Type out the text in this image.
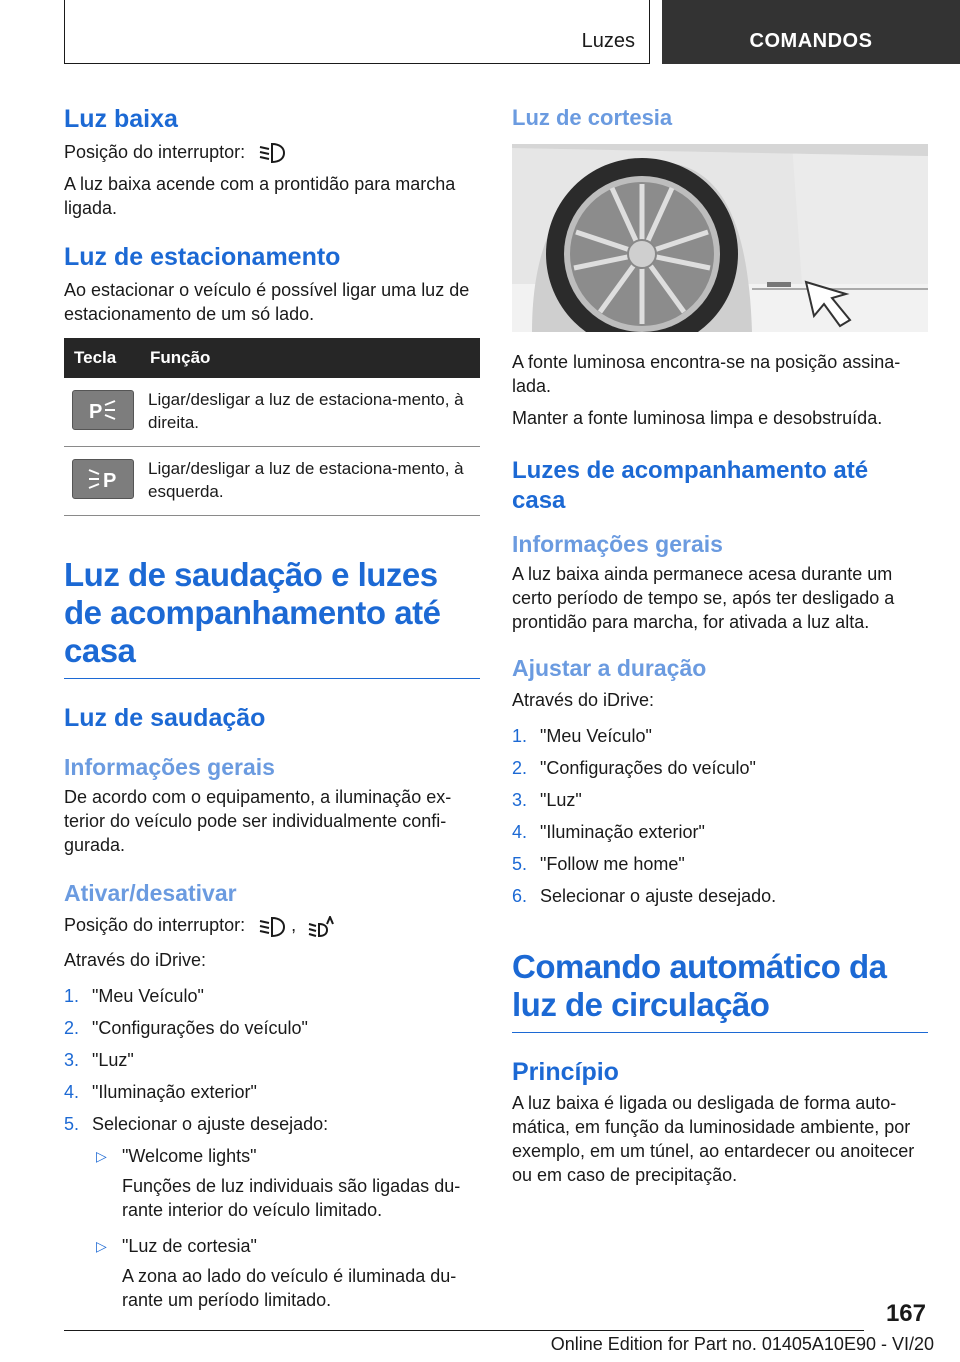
Luzes	COMANDOS
Luz baixa

Posição do interruptor:

A luz baixa acende com a prontidão para marcha ligada.

Luz de estacionamento

Ao estacionar o veículo é possível ligar uma luz de estacionamento de um só lado.

Tecla	Função

P	Ligar/desligar a luz de estaciona-mento, à direita.

P	Ligar/desligar a luz de estaciona-mento, à esquerda.
Luz de saudação e luzes de acompanhamento até casa
Luz de saudação
Informações gerais

De acordo com o equipamento, a iluminação ex-terior do veículo pode ser individualmente confi-gurada.

Ativar/desativar

Posição do interruptor:	,

Através do iDrive:

1. "Meu Veículo"
2. "Configurações do veículo"
3. "Luz"
4. "Iluminação exterior"
5. Selecionar o ajuste desejado:
▷ "Welcome lights"
Funções de luz individuais são ligadas du-rante interior do veículo limitado.
▷ "Luz de cortesia"
A zona ao lado do veículo é iluminada du-rante um período limitado.
Luz de cortesia

A fonte luminosa encontra-se na posição assina-lada.

Manter a fonte luminosa limpa e desobstruída.

Luzes de acompanhamento até casa
Informações gerais

A luz baixa ainda permanece acesa durante um certo período de tempo se, após ter desligado a prontidão para marcha, for ativada a luz alta.

Ajustar a duração

Através do iDrive:

1. "Meu Veículo"
2. "Configurações do veículo"
3. "Luz"
4. "Iluminação exterior"
5. "Follow me home"
6. Selecionar o ajuste desejado.
Comando automático da luz de circulação
Princípio

A luz baixa é ligada ou desligada de forma auto-mática, em função da luminosidade ambiente, por exemplo, em um túnel, ao entardecer ou anoitecer ou em caso de precipitação.

167
Online Edition for Part no. 01405A10E90 - VI/20
